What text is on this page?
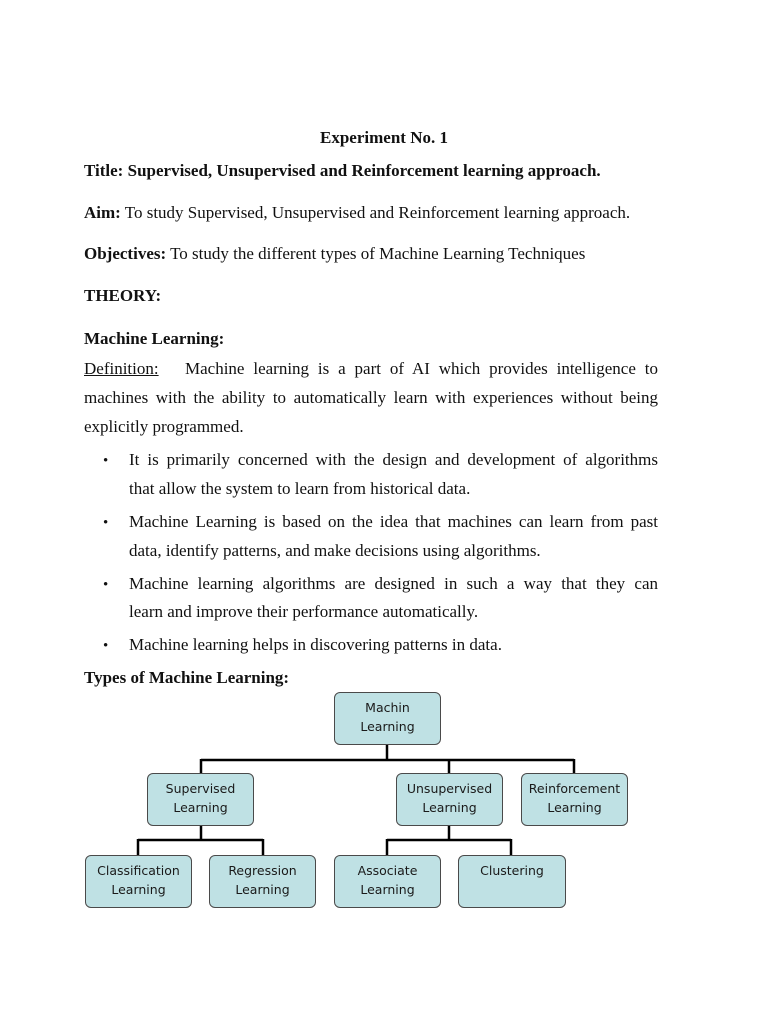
Experiment No. 1
Title: Supervised, Unsupervised and Reinforcement learning approach.
Aim: To study Supervised, Unsupervised and Reinforcement learning approach.
Objectives: To study the different types of Machine Learning Techniques
THEORY:
Machine Learning:
Definition: Machine learning is a part of AI which provides intelligence to
machines with the ability to automatically learn with experiences without being
explicitly programmed.
• It is primarily concerned with the design and development of algorithms
that allow the system to learn from historical data.
• Machine Learning is based on the idea that machines can learn from past
data, identify patterns, and make decisions using algorithms.
• Machine learning algorithms are designed in such a way that they can
learn and improve their performance automatically.
• Machine learning helps in discovering patterns in data.
Types of Machine Learning:
Machin
Learning
Supervised
Learning
Unsupervised
Learning
Reinforcement
Learning
Classification
Learning
Regression
Learning
Associate
Learning
Clustering
